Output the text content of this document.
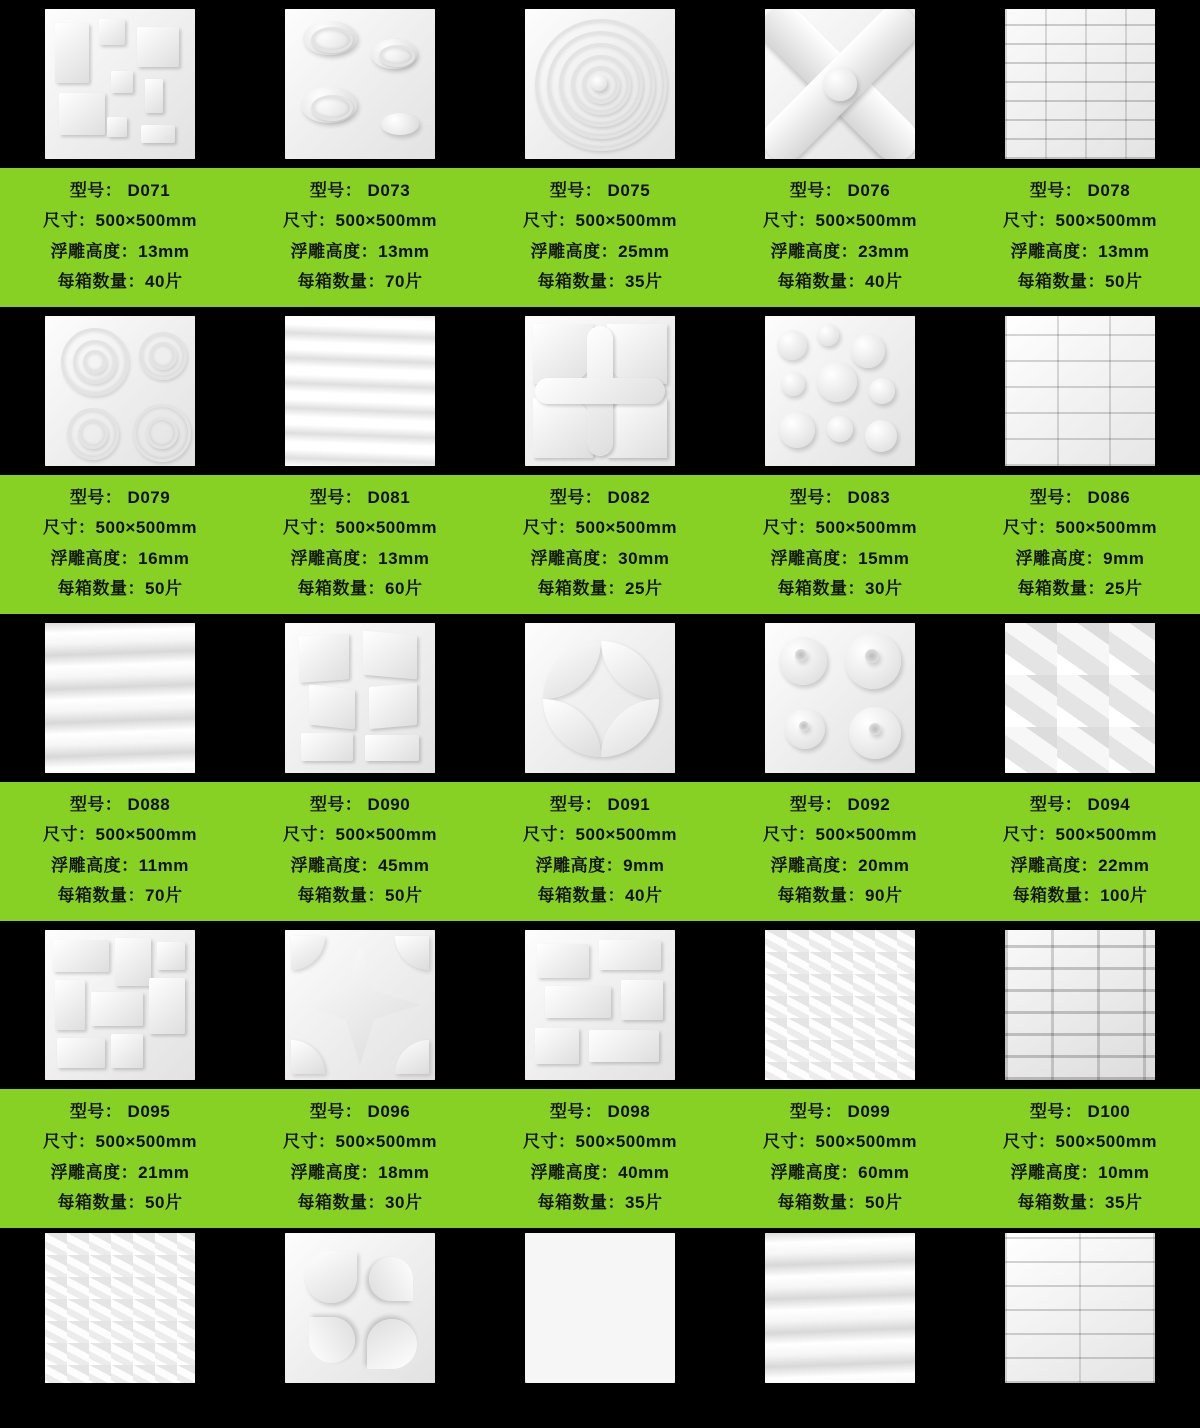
型号： D071
尺寸：500×500mm
浮雕高度：13mm
每箱数量：40片
型号： D073
尺寸：500×500mm
浮雕高度：13mm
每箱数量：70片
型号： D075
尺寸：500×500mm
浮雕高度：25mm
每箱数量：35片
型号： D076
尺寸：500×500mm
浮雕高度：23mm
每箱数量：40片
型号： D078
尺寸：500×500mm
浮雕高度：13mm
每箱数量：50片
型号： D079
尺寸：500×500mm
浮雕高度：16mm
每箱数量：50片
型号： D081
尺寸：500×500mm
浮雕高度：13mm
每箱数量：60片
型号： D082
尺寸：500×500mm
浮雕高度：30mm
每箱数量：25片
型号： D083
尺寸：500×500mm
浮雕高度：15mm
每箱数量：30片
型号： D086
尺寸：500×500mm
浮雕高度：9mm
每箱数量：25片
型号： D088
尺寸：500×500mm
浮雕高度：11mm
每箱数量：70片
型号： D090
尺寸：500×500mm
浮雕高度：45mm
每箱数量：50片
型号： D091
尺寸：500×500mm
浮雕高度：9mm
每箱数量：40片
型号： D092
尺寸：500×500mm
浮雕高度：20mm
每箱数量：90片
型号： D094
尺寸：500×500mm
浮雕高度：22mm
每箱数量：100片
型号： D095
尺寸：500×500mm
浮雕高度：21mm
每箱数量：50片
型号： D096
尺寸：500×500mm
浮雕高度：18mm
每箱数量：30片
型号： D098
尺寸：500×500mm
浮雕高度：40mm
每箱数量：35片
型号： D099
尺寸：500×500mm
浮雕高度：60mm
每箱数量：50片
型号： D100
尺寸：500×500mm
浮雕高度：10mm
每箱数量：35片
